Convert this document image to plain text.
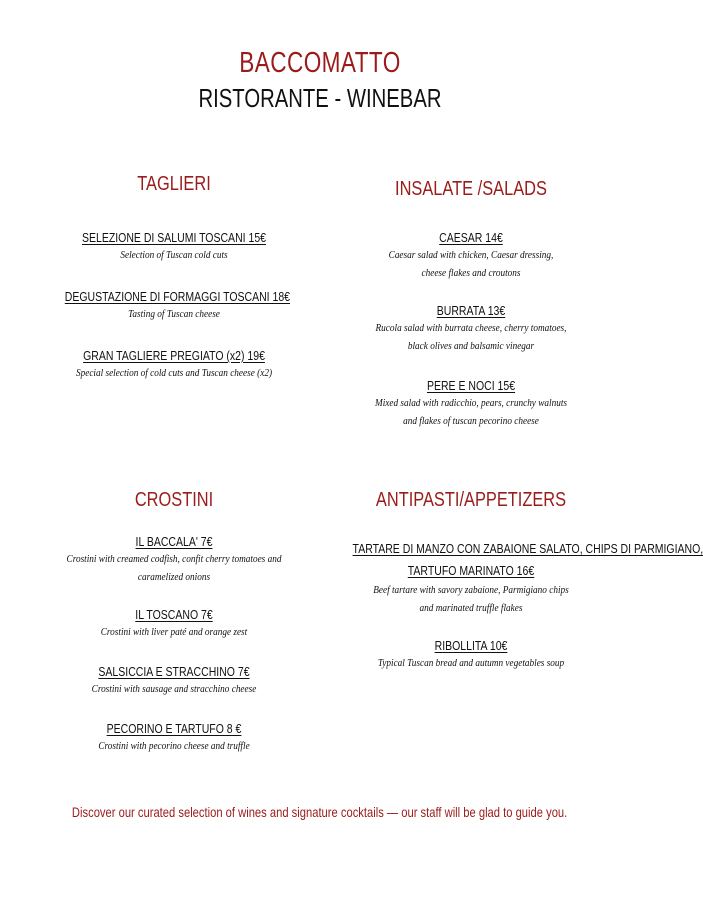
BACCOMATTO
RISTORANTE - WINEBAR
TAGLIERI
SELEZIONE DI SALUMI TOSCANI 15€
Selection of Tuscan cold cuts
DEGUSTAZIONE DI FORMAGGI TOSCANI 18€
Tasting of Tuscan cheese
GRAN TAGLIERE PREGIATO (x2) 19€
Special selection of cold cuts and Tuscan cheese (x2)
INSALATE /SALADS
CAESAR 14€
Caesar salad with chicken, Caesar dressing,
cheese flakes and croutons
BURRATA 13€
Rucola salad with burrata cheese, cherry tomatoes,
black olives and balsamic vinegar
PERE E NOCI 15€
Mixed salad with radicchio, pears, crunchy walnuts
and flakes of tuscan pecorino cheese
CROSTINI
IL BACCALA' 7€
Crostini with creamed codfish, confit cherry tomatoes and
caramelized onions
IL TOSCANO 7€
Crostini with liver paté and orange zest
SALSICCIA E STRACCHINO 7€
Crostini with sausage and stracchino cheese
PECORINO E TARTUFO 8 €
Crostini with pecorino cheese and truffle
ANTIPASTI/APPETIZERS
TARTARE DI MANZO CON ZABAIONE SALATO, CHIPS DI PARMIGIANO,
TARTUFO MARINATO 16€
Beef tartare with savory zabaione, Parmigiano chips
and marinated truffle flakes
RIBOLLITA 10€
Typical Tuscan bread and autumn vegetables soup
Discover our curated selection of wines and signature cocktails — our staff will be glad to guide you.
